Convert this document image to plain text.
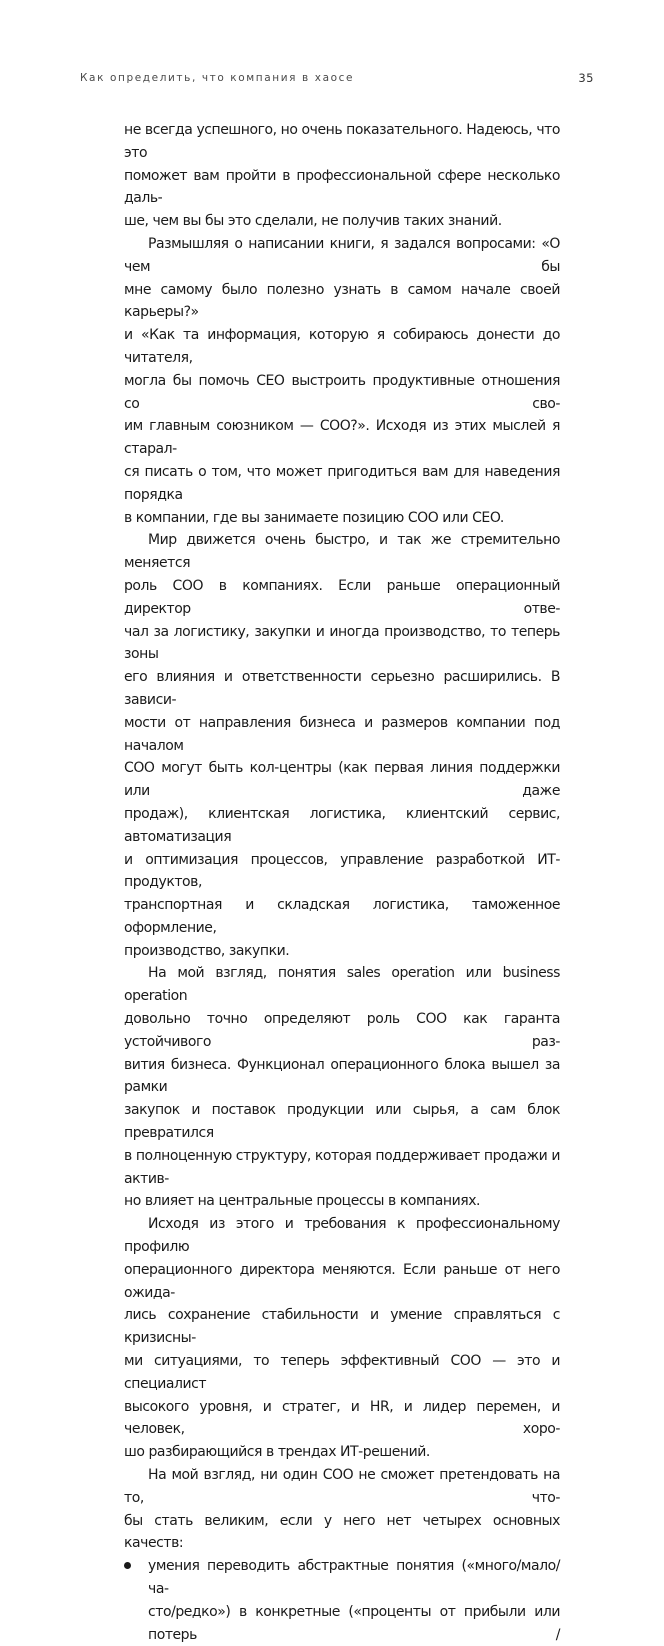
Как определить, что компания в хаосе	35

не всегда успешного, но очень показательного. Надеюсь, что это

поможет вам пройти в профессиональной сфере несколько даль-

ше, чем вы бы это сделали, не получив таких знаний.

Размышляя о написании книги, я задался вопросами: «О чем бы

мне самому было полезно узнать в самом начале своей карьеры?»

и «Как та информация, которую я собираюсь донести до читателя,

могла бы помочь CEO выстроить продуктивные отношения со сво-

им главным союзником — COO?». Исходя из этих мыслей я старал-

ся писать о том, что может пригодиться вам для наведения порядка

в компании, где вы занимаете позицию COO или CEO.

Мир движется очень быстро, и так же стремительно меняется

роль COO в компаниях. Если раньше операционный директор отве-

чал за логистику, закупки и иногда производство, то теперь зоны

его влияния и ответственности серьезно расширились. В зависи-

мости от направления бизнеса и размеров компании под началом

COO могут быть кол-центры (как первая линия поддержки или даже

продаж), клиентская логистика, клиентский сервис, автоматизация

и оптимизация процессов, управление разработкой ИТ-продуктов,

транспортная и складская логистика, таможенное оформление,

производство, закупки.

На мой взгляд, понятия sales operation или business operation

довольно точно определяют роль COO как гаранта устойчивого раз-

вития бизнеса. Функционал операционного блока вышел за рамки

закупок и поставок продукции или сырья, а сам блок превратился

в полноценную структуру, которая поддерживает продажи и актив-

но влияет на центральные процессы в компаниях.

Исходя из этого и требования к профессиональному профилю

операционного директора меняются. Если раньше от него ожида-

лись сохранение стабильности и умение справляться с кризисны-

ми ситуациями, то теперь эффективный COO — это и специалист

высокого уровня, и стратег, и HR, и лидер перемен, и человек, хоро-

шо разбирающийся в трендах ИТ-решений.

На мой взгляд, ни один COO не сможет претендовать на то, что-

бы стать великим, если у него нет четырех основных качеств:

умения переводить абстрактные понятия («много/мало/ча-

сто/редко») в конкретные («проценты от прибыли или потерь /
